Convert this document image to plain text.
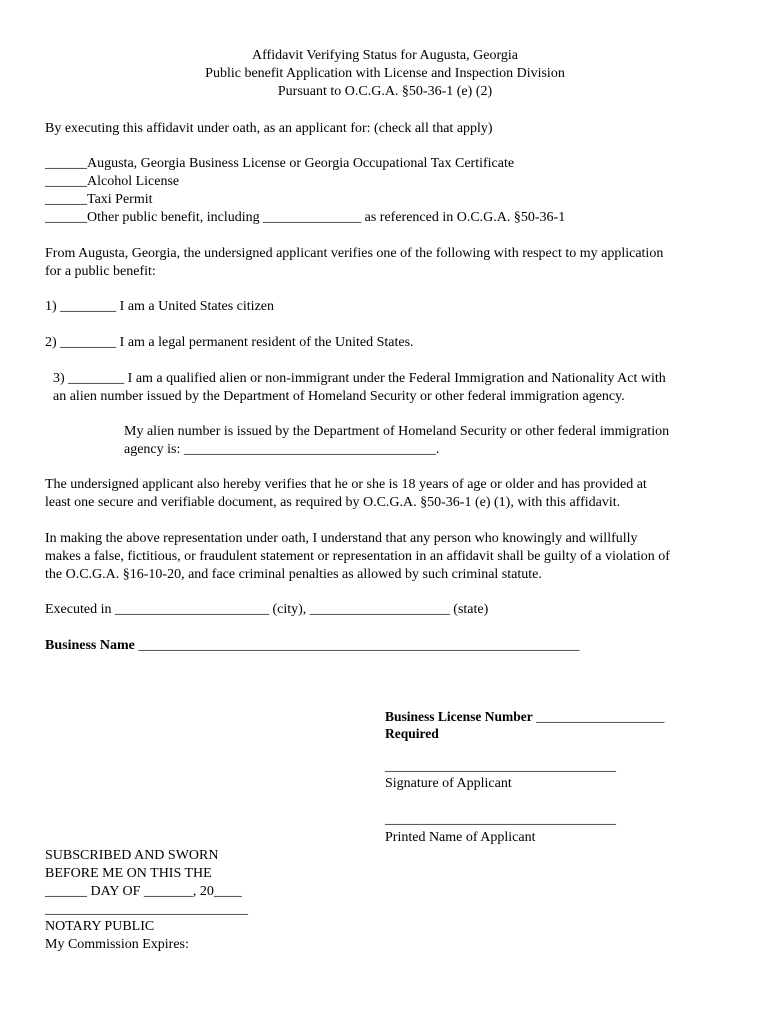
Affidavit Verifying Status for Augusta, Georgia
Public benefit Application with License and Inspection Division
Pursuant to O.C.G.A. §50-36-1 (e) (2)
By executing this affidavit under oath, as an applicant for: (check all that apply)
______Augusta, Georgia Business License or Georgia Occupational Tax Certificate
______Alcohol License
______Taxi Permit
______Other public benefit, including ______________ as referenced in O.C.G.A. §50-36-1
From Augusta, Georgia, the undersigned applicant verifies one of the following with respect to my application
for a public benefit:
1) ________ I am a United States citizen
2) ________ I am a legal permanent resident of the United States.
3) ________ I am a qualified alien or non-immigrant under the Federal Immigration and Nationality Act with
an alien number issued by the Department of Homeland Security or other federal immigration agency.
My alien number is issued by the Department of Homeland Security or other federal immigration
agency is: ____________________________________.
The undersigned applicant also hereby verifies that he or she is 18 years of age or older and has provided at
least one secure and verifiable document, as required by O.C.G.A. §50-36-1 (e) (1), with this affidavit.
In making the above representation under oath, I understand that any person who knowingly and willfully
makes a false, fictitious, or fraudulent statement or representation in an affidavit shall be guilty of a violation of
the O.C.G.A. §16-10-20, and face criminal penalties as allowed by such criminal statute.
Executed in ______________________ (city), ____________________ (state)
Business Name _______________________________________________________________
Business License Number ___________________
Required
_________________________________
Signature of Applicant
_________________________________
Printed Name of Applicant
SUBSCRIBED AND SWORN
BEFORE ME ON THIS THE
______ DAY OF _______, 20____
_____________________________
NOTARY PUBLIC
My Commission Expires:
